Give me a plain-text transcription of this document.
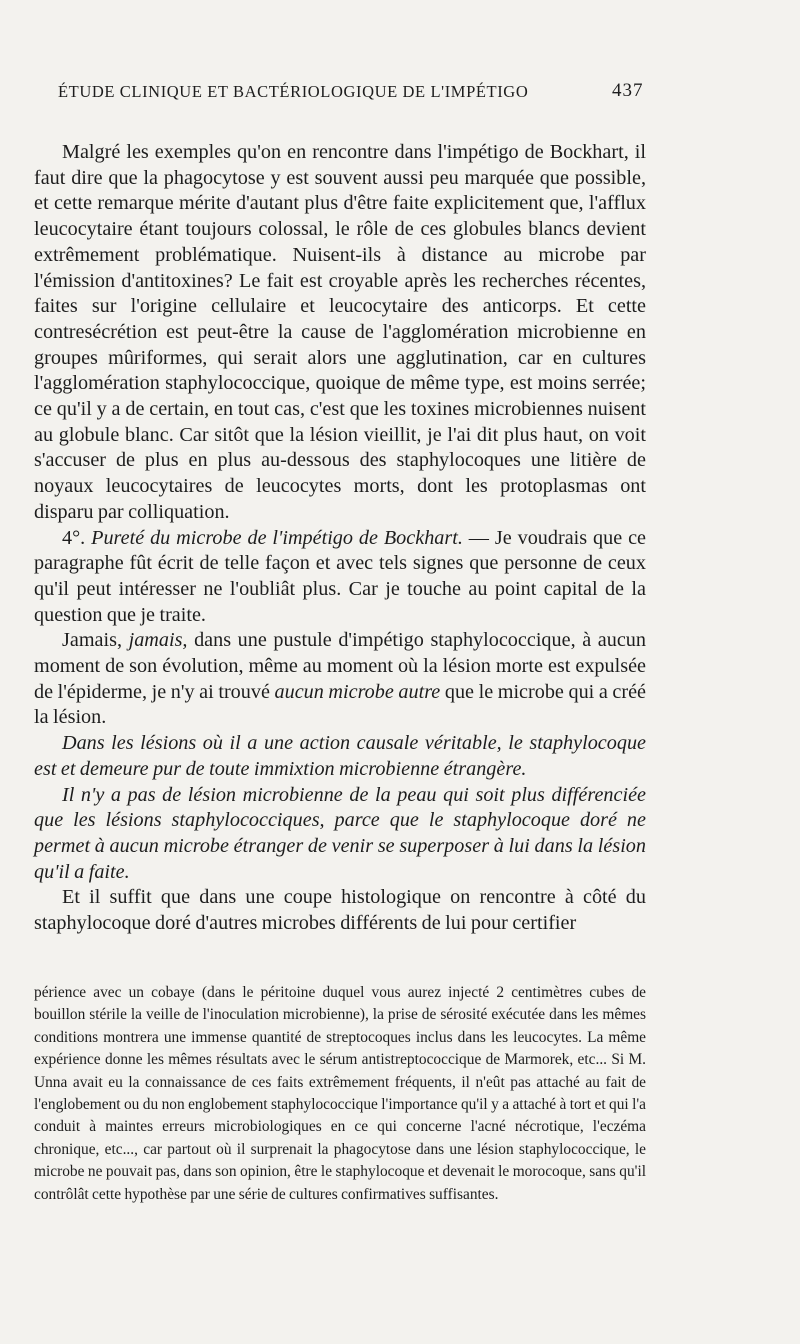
ÉTUDE CLINIQUE ET BACTÉRIOLOGIQUE DE L'IMPÉTIGO	437

Malgré les exemples qu'on en rencontre dans l'impétigo de Bockhart, il faut dire que la phagocytose y est souvent aussi peu marquée que possible, et cette remarque mérite d'autant plus d'être faite explicitement que, l'afflux leucocytaire étant toujours colossal, le rôle de ces globules blancs devient extrêmement problématique. Nuisent-ils à distance au microbe par l'émission d'antitoxines? Le fait est croyable après les recherches récentes, faites sur l'origine cellulaire et leucocytaire des anticorps. Et cette contresécrétion est peut-être la cause de l'agglomération microbienne en groupes mûriformes, qui serait alors une agglutination, car en cultures l'agglomération staphylococcique, quoique de même type, est moins serrée; ce qu'il y a de certain, en tout cas, c'est que les toxines microbiennes nuisent au globule blanc. Car sitôt que la lésion vieillit, je l'ai dit plus haut, on voit s'accuser de plus en plus au-dessous des staphylocoques une litière de noyaux leucocytaires de leucocytes morts, dont les protoplasmas ont disparu par colliquation.

4°. Pureté du microbe de l'impétigo de Bockhart. — Je voudrais que ce paragraphe fût écrit de telle façon et avec tels signes que personne de ceux qu'il peut intéresser ne l'oubliât plus. Car je touche au point capital de la question que je traite.

Jamais, jamais, dans une pustule d'impétigo staphylococcique, à aucun moment de son évolution, même au moment où la lésion morte est expulsée de l'épiderme, je n'y ai trouvé aucun microbe autre que le microbe qui a créé la lésion.

Dans les lésions où il a une action causale véritable, le staphylocoque est et demeure pur de toute immixtion microbienne étrangère.

Il n'y a pas de lésion microbienne de la peau qui soit plus différenciée que les lésions staphylococciques, parce que le staphylocoque doré ne permet à aucun microbe étranger de venir se superposer à lui dans la lésion qu'il a faite.

Et il suffit que dans une coupe histologique on rencontre à côté du staphylocoque doré d'autres microbes différents de lui pour certifier

périence avec un cobaye (dans le péritoine duquel vous aurez injecté 2 centimètres cubes de bouillon stérile la veille de l'inoculation microbienne), la prise de sérosité exécutée dans les mêmes conditions montrera une immense quantité de streptocoques inclus dans les leucocytes. La même expérience donne les mêmes résultats avec le sérum antistreptococcique de Marmorek, etc... Si M. Unna avait eu la connaissance de ces faits extrêmement fréquents, il n'eût pas attaché au fait de l'englobement ou du non englobement staphylococcique l'importance qu'il y a attaché à tort et qui l'a conduit à maintes erreurs microbiologiques en ce qui concerne l'acné nécrotique, l'eczéma chronique, etc..., car partout où il surprenait la phagocytose dans une lésion staphylococcique, le microbe ne pouvait pas, dans son opinion, être le staphylocoque et devenait le morocoque, sans qu'il contrôlât cette hypothèse par une série de cultures confirmatives suffisantes.
